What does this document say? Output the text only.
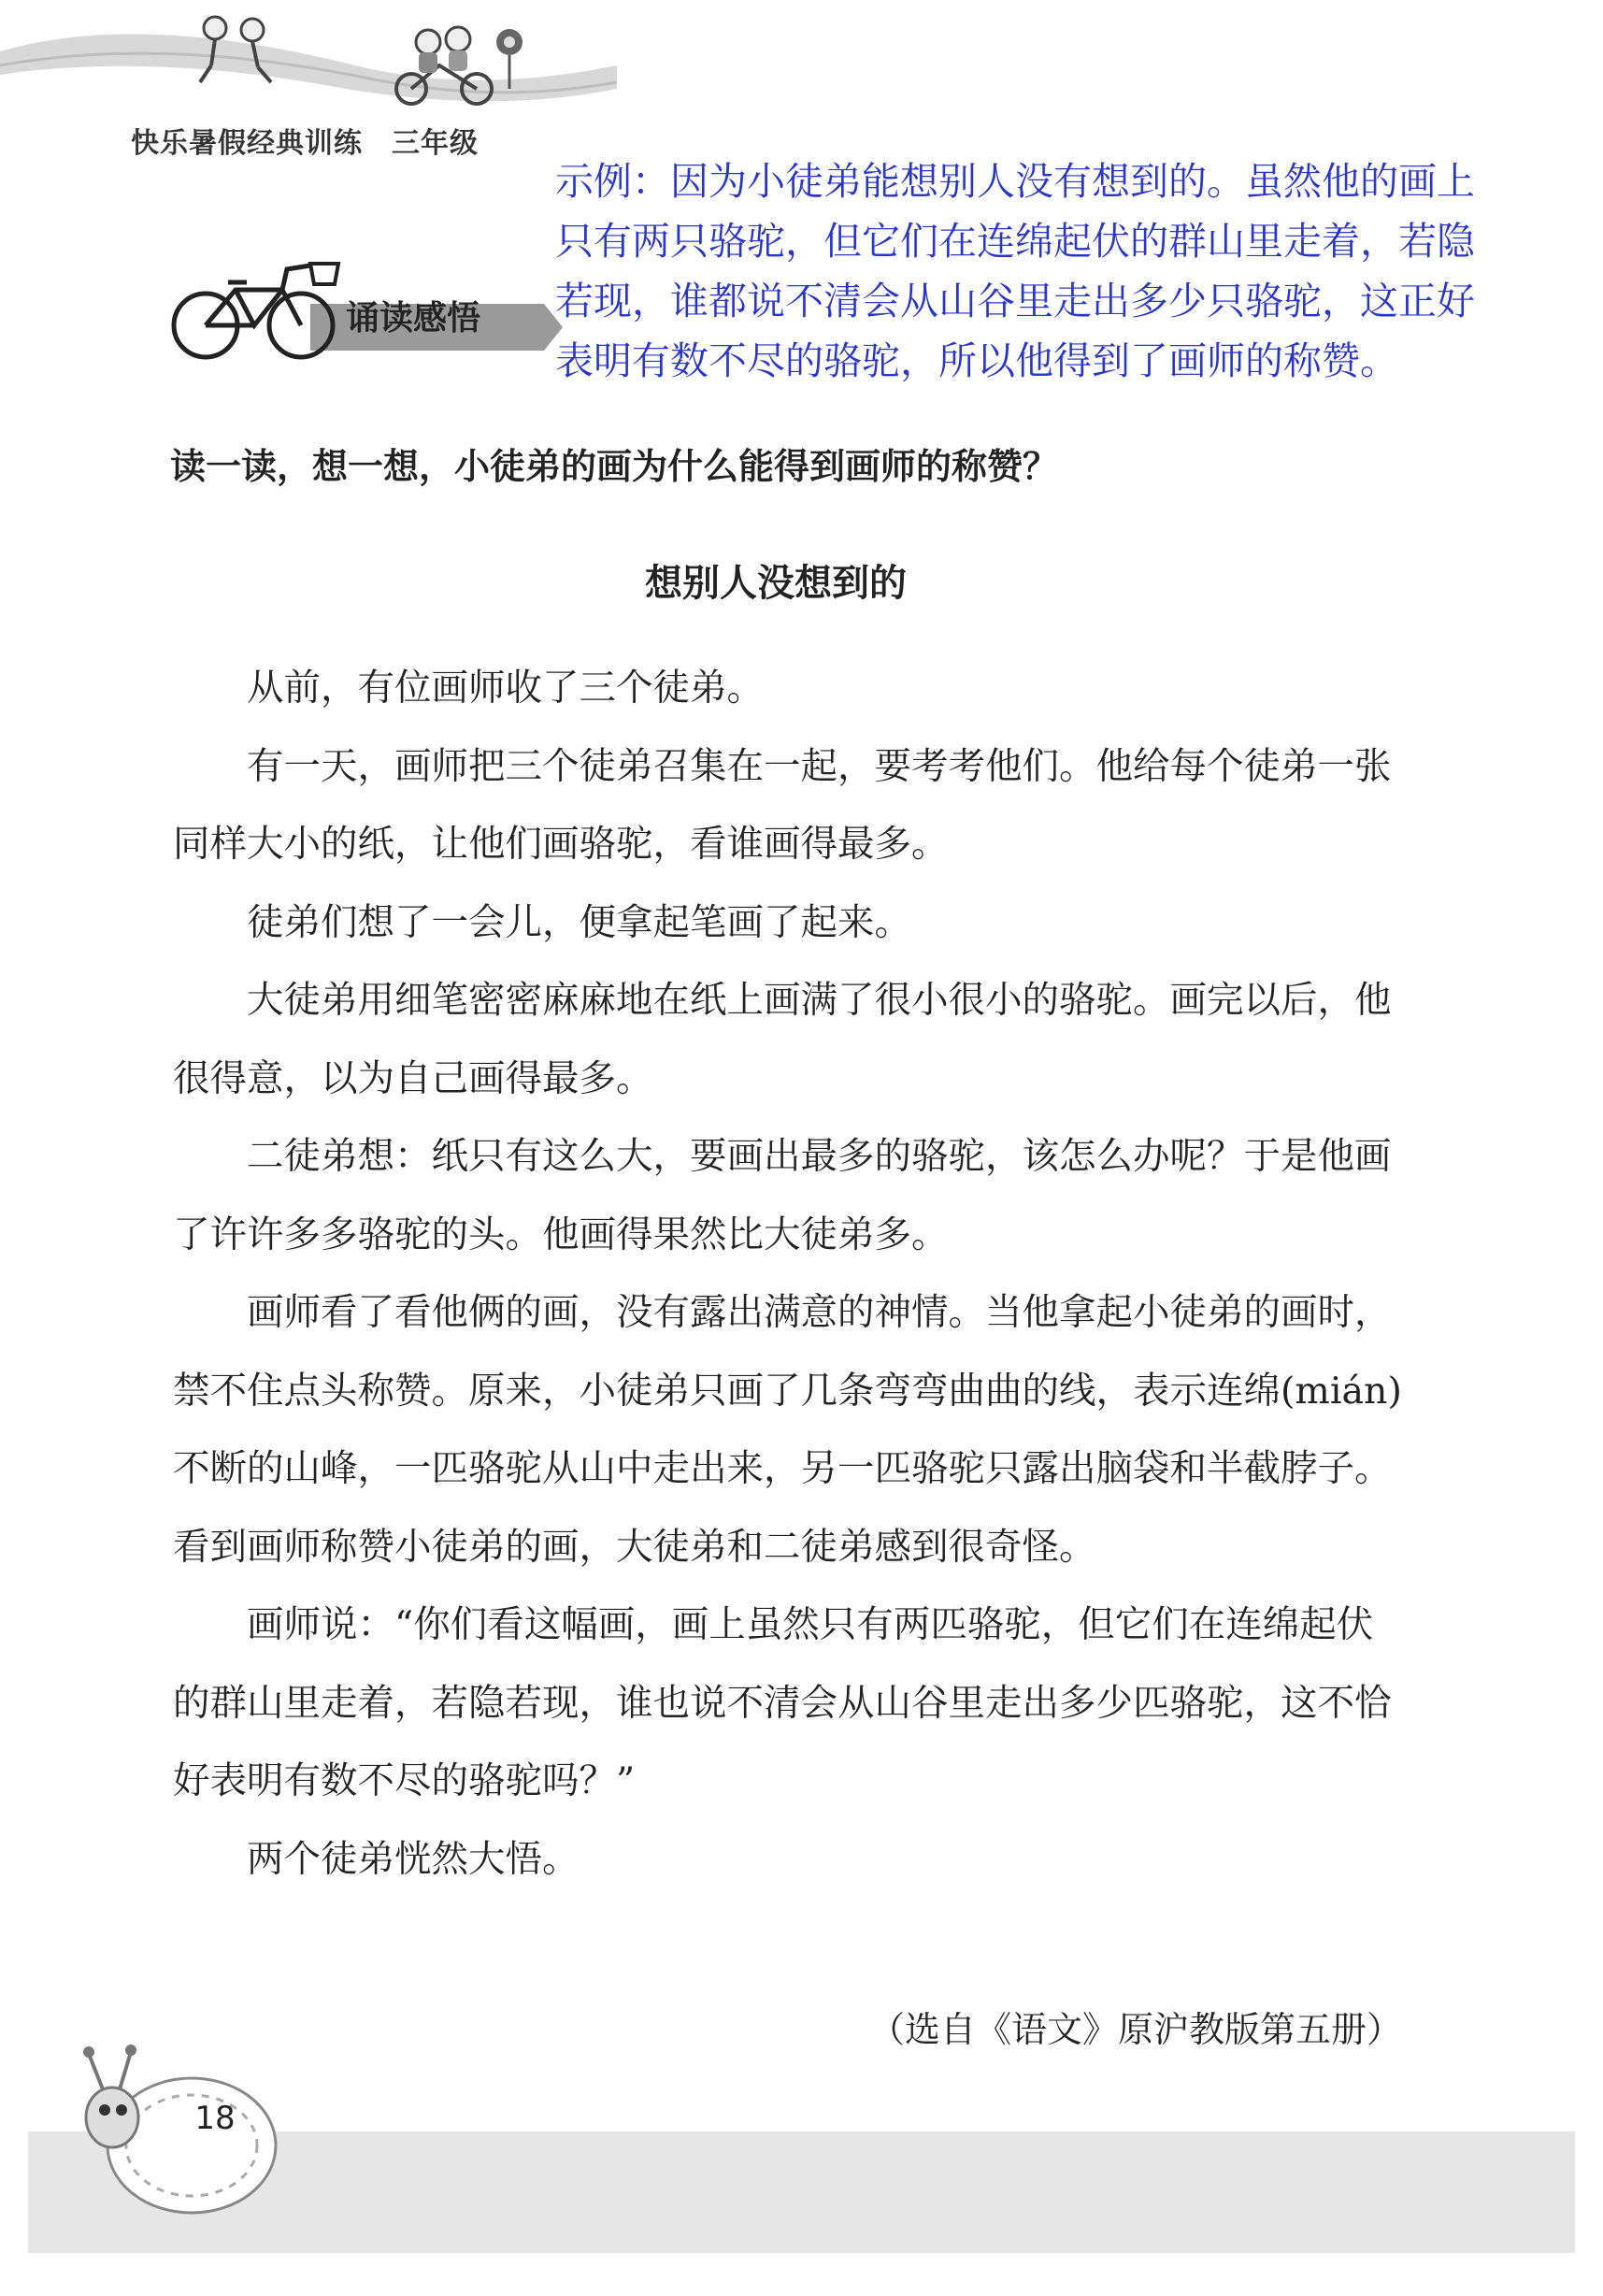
快乐暑假经典训练　三年级
示例：因为小徒弟能想别人没有想到的。虽然他的画上只有两只骆驼，但它们在连绵起伏的群山里走着，若隐若现，谁都说不清会从山谷里走出多少只骆驼，这正好表明有数不尽的骆驼，所以他得到了画师的称赞。
诵读感悟
读一读，想一想，小徒弟的画为什么能得到画师的称赞？
想别人没想到的

从前，有位画师收了三个徒弟。

有一天，画师把三个徒弟召集在一起，要考考他们。他给每个徒弟一张同样大小的纸，让他们画骆驼，看谁画得最多。

徒弟们想了一会儿，便拿起笔画了起来。

大徒弟用细笔密密麻麻地在纸上画满了很小很小的骆驼。画完以后，他很得意，以为自己画得最多。

二徒弟想：纸只有这么大，要画出最多的骆驼，该怎么办呢？于是他画了许许多多骆驼的头。他画得果然比大徒弟多。

画师看了看他俩的画，没有露出满意的神情。当他拿起小徒弟的画时，禁不住点头称赞。原来，小徒弟只画了几条弯弯曲曲的线，表示连绵(mián)不断的山峰，一匹骆驼从山中走出来，另一匹骆驼只露出脑袋和半截脖子。看到画师称赞小徒弟的画，大徒弟和二徒弟感到很奇怪。

画师说：“你们看这幅画，画上虽然只有两匹骆驼，但它们在连绵起伏的群山里走着，若隐若现，谁也说不清会从山谷里走出多少匹骆驼，这不恰好表明有数不尽的骆驼吗？”

两个徒弟恍然大悟。

（选自《语文》原沪教版第五册）
18
